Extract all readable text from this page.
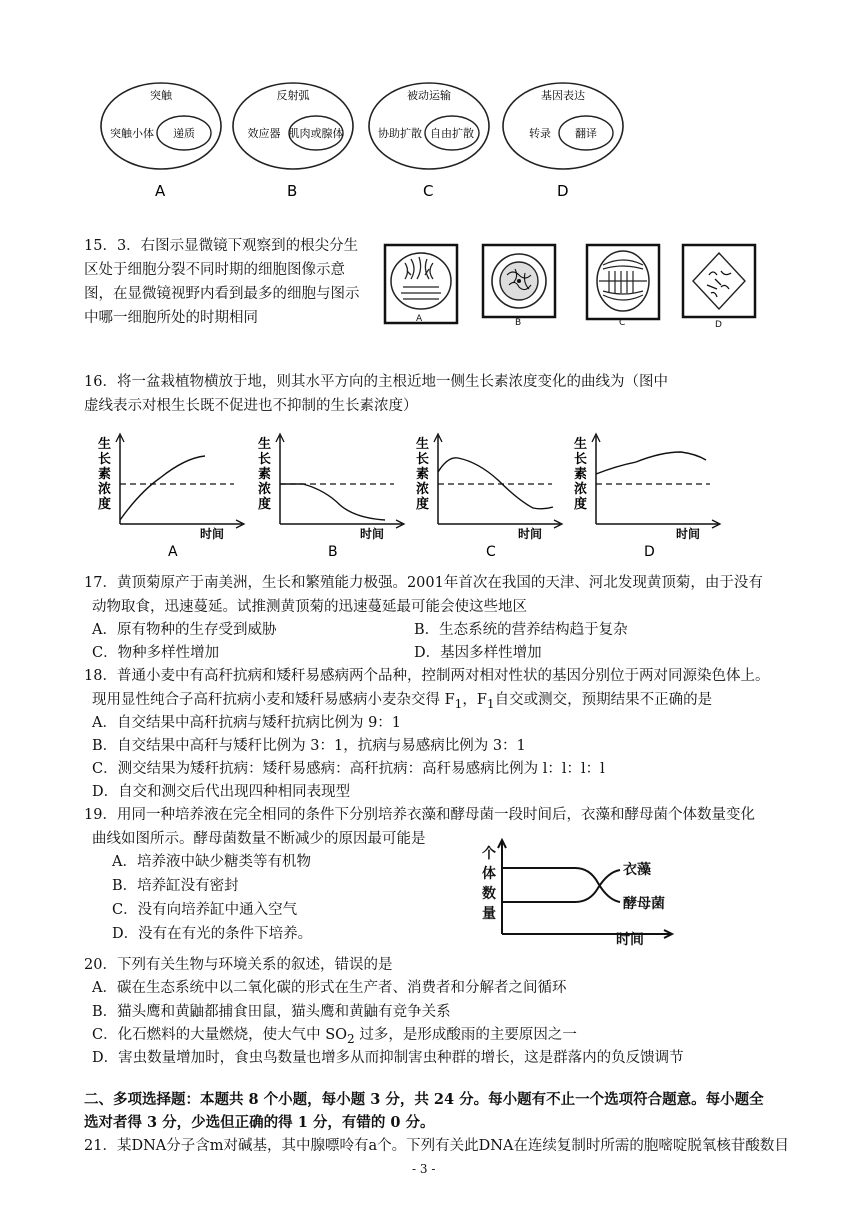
突触
突触小体 递质
A
反射弧
效应器 肌肉或腺体
B
被动运输
协助扩散 自由扩散
C
基因表达
转录 翻译
D
15．3．右图示显微镜下观察到的根尖分生
区处于细胞分裂不同时期的细胞图像示意
图，在显微镜视野内看到最多的细胞与图示
中哪一细胞所处的时期相同	A	B	C	D
16．将一盆栽植物横放于地，则其水平方向的主根近地一侧生长素浓度变化的曲线为（图中
虚线表示对根生长既不促进也不抑制的生长素浓度）
生
长
素
浓
度
时间
A
生
长
素
浓
度
时间
B
生
长
素
浓
度
时间
C
生
长
素
浓
度
时间
D
17．黄顶菊原产于南美洲，生长和繁殖能力极强。2001年首次在我国的天津、河北发现黄顶菊，由于没有
动物取食，迅速蔓延。试推测黄顶菊的迅速蔓延最可能会使这些地区
A．原有物种的生存受到威胁	B．生态系统的营养结构趋于复杂
C．物种多样性增加	D．基因多样性增加
18．普通小麦中有高秆抗病和矮秆易感病两个品种，控制两对相对性状的基因分别位于两对同源染色体上。
现用显性纯合子高秆抗病小麦和矮秆易感病小麦杂交得 $F_1$，$F_1$自交或测交，预期结果不正确的是
A．自交结果中高秆抗病与矮秆抗病比例为 9：1
B．自交结果中高秆与矮秆比例为 3：1，抗病与易感病比例为 3：1
C．测交结果为矮秆抗病：矮秆易感病：高秆抗病：高秆易感病比例为 l：l：l：l
D．自交和测交后代出现四种相同表现型
19．用同一种培养液在完全相同的条件下分别培养衣藻和酵母菌一段时间后，衣藻和酵母菌个体数量变化
曲线如图所示。酵母菌数量不断减少的原因最可能是
A．培养液中缺少糖类等有机物
B．培养缸没有密封
C．没有向培养缸中通入空气
D．没有在有光的条件下培养。
个
体
数
量
衣藻
酵母菌
时间
20．下列有关生物与环境关系的叙述，错误的是
A．碳在生态系统中以二氧化碳的形式在生产者、消费者和分解者之间循环
B．猫头鹰和黄鼬都捕食田鼠，猫头鹰和黄鼬有竞争关系
C．化石燃料的大量燃烧，使大气中 $SO_2$ 过多，是形成酸雨的主要原因之一
D．害虫数量增加时，食虫鸟数量也增多从而抑制害虫种群的增长，这是群落内的负反馈调节
二、多项选择题：本题共 8 个小题，每小题 3 分，共 24 分。每小题有不止一个选项符合题意。每小题全
选对者得 3 分，少选但正确的得 1 分，有错的 0 分。
21．某DNA分子含m对碱基，其中腺嘌呤有a个。下列有关此DNA在连续复制时所需的胞嘧啶脱氧核苷酸数目
- 3 -
